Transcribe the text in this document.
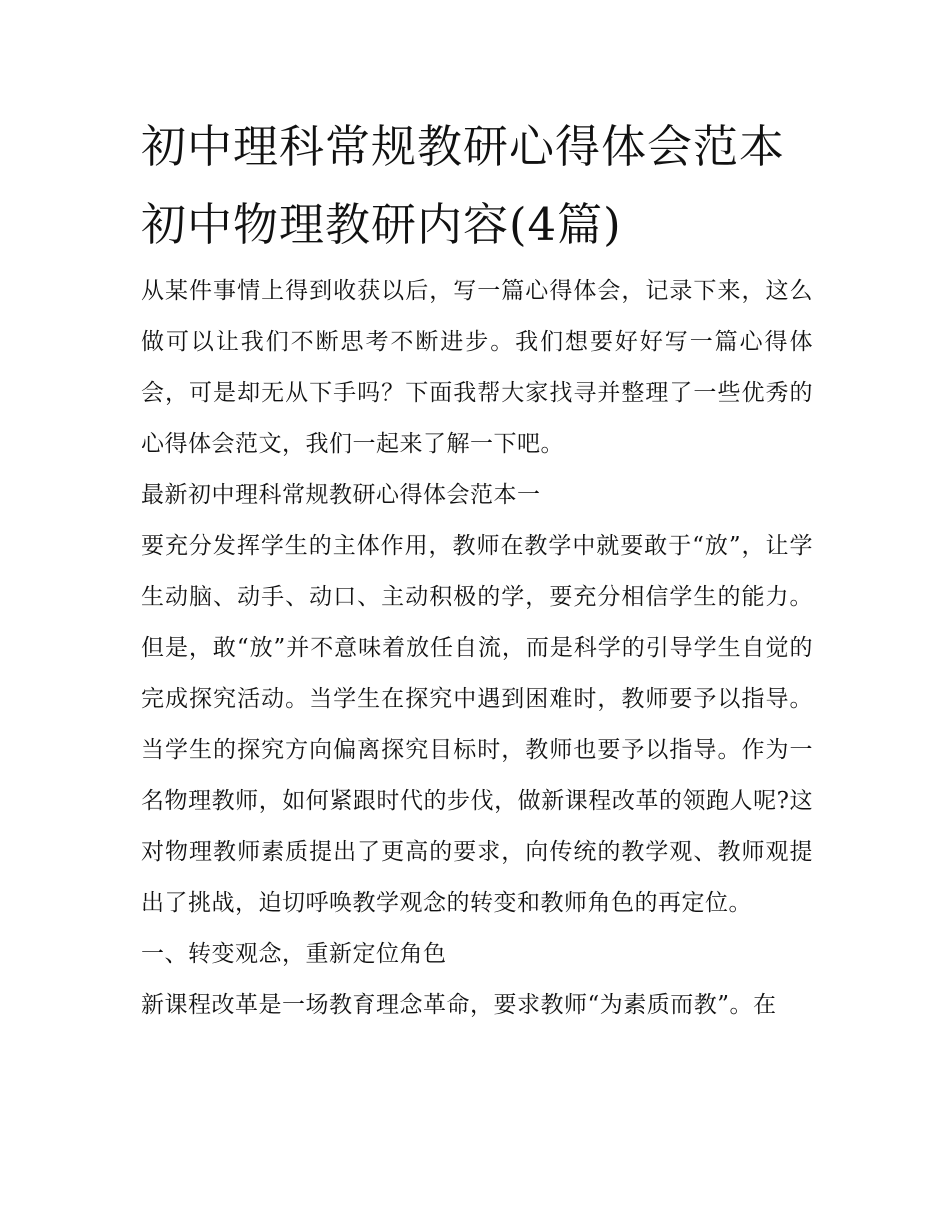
初中理科常规教研心得体会范本 初中物理教研内容(4篇)

从某件事情上得到收获以后，写一篇心得体会，记录下来，这么做可以让我们不断思考不断进步。我们想要好好写一篇心得体会，可是却无从下手吗？下面我帮大家找寻并整理了一些优秀的心得体会范文，我们一起来了解一下吧。

最新初中理科常规教研心得体会范本一

要充分发挥学生的主体作用，教师在教学中就要敢于“放”，让学生动脑、动手、动口、主动积极的学，要充分相信学生的能力。但是，敢“放”并不意味着放任自流，而是科学的引导学生自觉的完成探究活动。当学生在探究中遇到困难时，教师要予以指导。当学生的探究方向偏离探究目标时，教师也要予以指导。作为一名物理教师，如何紧跟时代的步伐，做新课程改革的领跑人呢?这对物理教师素质提出了更高的要求，向传统的教学观、教师观提出了挑战，迫切呼唤教学观念的转变和教师角色的再定位。

一、转变观念，重新定位角色

新课程改革是一场教育理念革命，要求教师“为素质而教”。在
